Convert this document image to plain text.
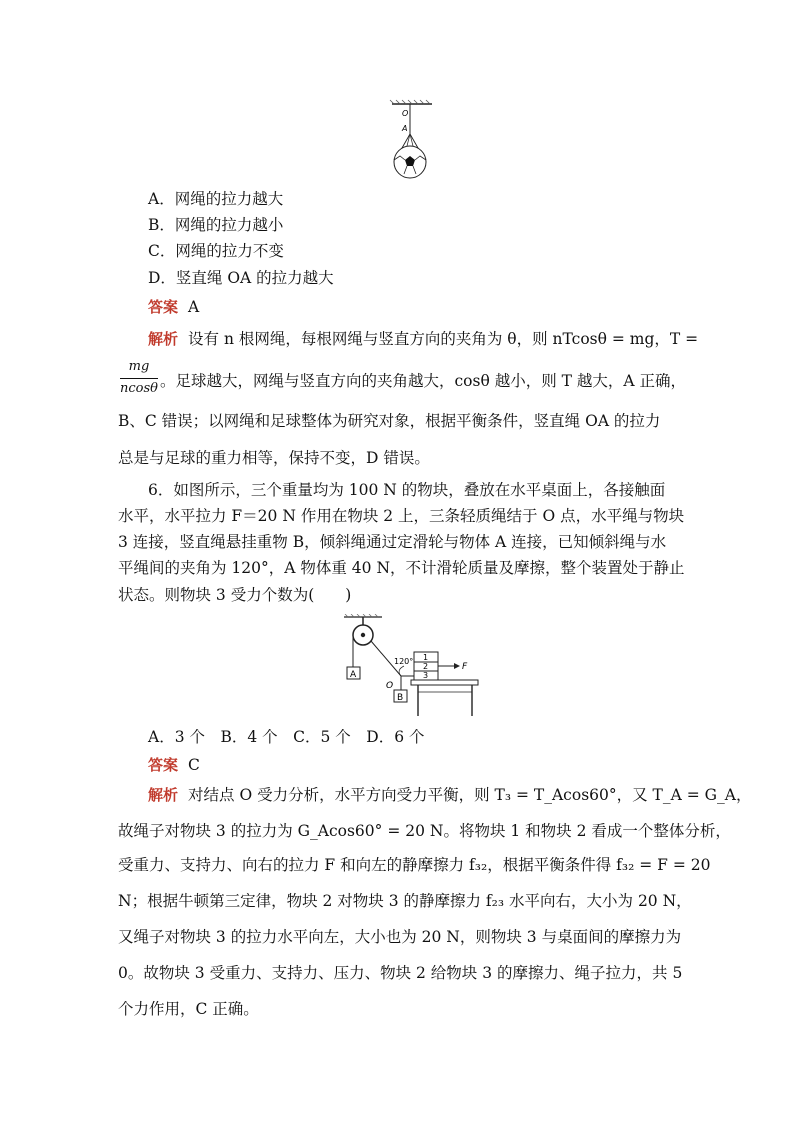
O
A
A．网绳的拉力越大
B．网绳的拉力越小
C．网绳的拉力不变
D．竖直绳 OA 的拉力越大
答案 A
解析 设有 n 根网绳，每根网绳与竖直方向的夹角为 θ，则 nTcosθ = mg，T =
mg
ncosθ 。足球越大，网绳与竖直方向的夹角越大，cosθ 越小，则 T 越大，A 正确，
B、C 错误；以网绳和足球整体为研究对象，根据平衡条件，竖直绳 OA 的拉力
总是与足球的重力相等，保持不变，D 错误。
6．如图所示，三个重量均为 100 N 的物块，叠放在水平桌面上，各接触面
水平，水平拉力 F＝20 N 作用在物块 2 上，三条轻质绳结于 O 点，水平绳与物块
3 连接，竖直绳悬挂重物 B，倾斜绳通过定滑轮与物体 A 连接，已知倾斜绳与水
平绳间的夹角为 120°，A 物体重 40 N，不计滑轮质量及摩擦，整个装置处于静止
状态。则物块 3 受力个数为(　　)
A
O
B
120° 1
2
3
F
A．3 个　B．4 个　C．5 个　D．6 个
答案 C
解析 对结点 O 受力分析，水平方向受力平衡，则 T₃ = T_Acos60°，又 T_A = G_A，
故绳子对物块 3 的拉力为 G_Acos60° = 20 N。将物块 1 和物块 2 看成一个整体分析，
受重力、支持力、向右的拉力 F 和向左的静摩擦力 f₃₂，根据平衡条件得 f₃₂ = F = 20
N；根据牛顿第三定律，物块 2 对物块 3 的静摩擦力 f₂₃ 水平向右，大小为 20 N，
又绳子对物块 3 的拉力水平向左，大小也为 20 N，则物块 3 与桌面间的摩擦力为
0。故物块 3 受重力、支持力、压力、物块 2 给物块 3 的摩擦力、绳子拉力，共 5
个力作用，C 正确。
